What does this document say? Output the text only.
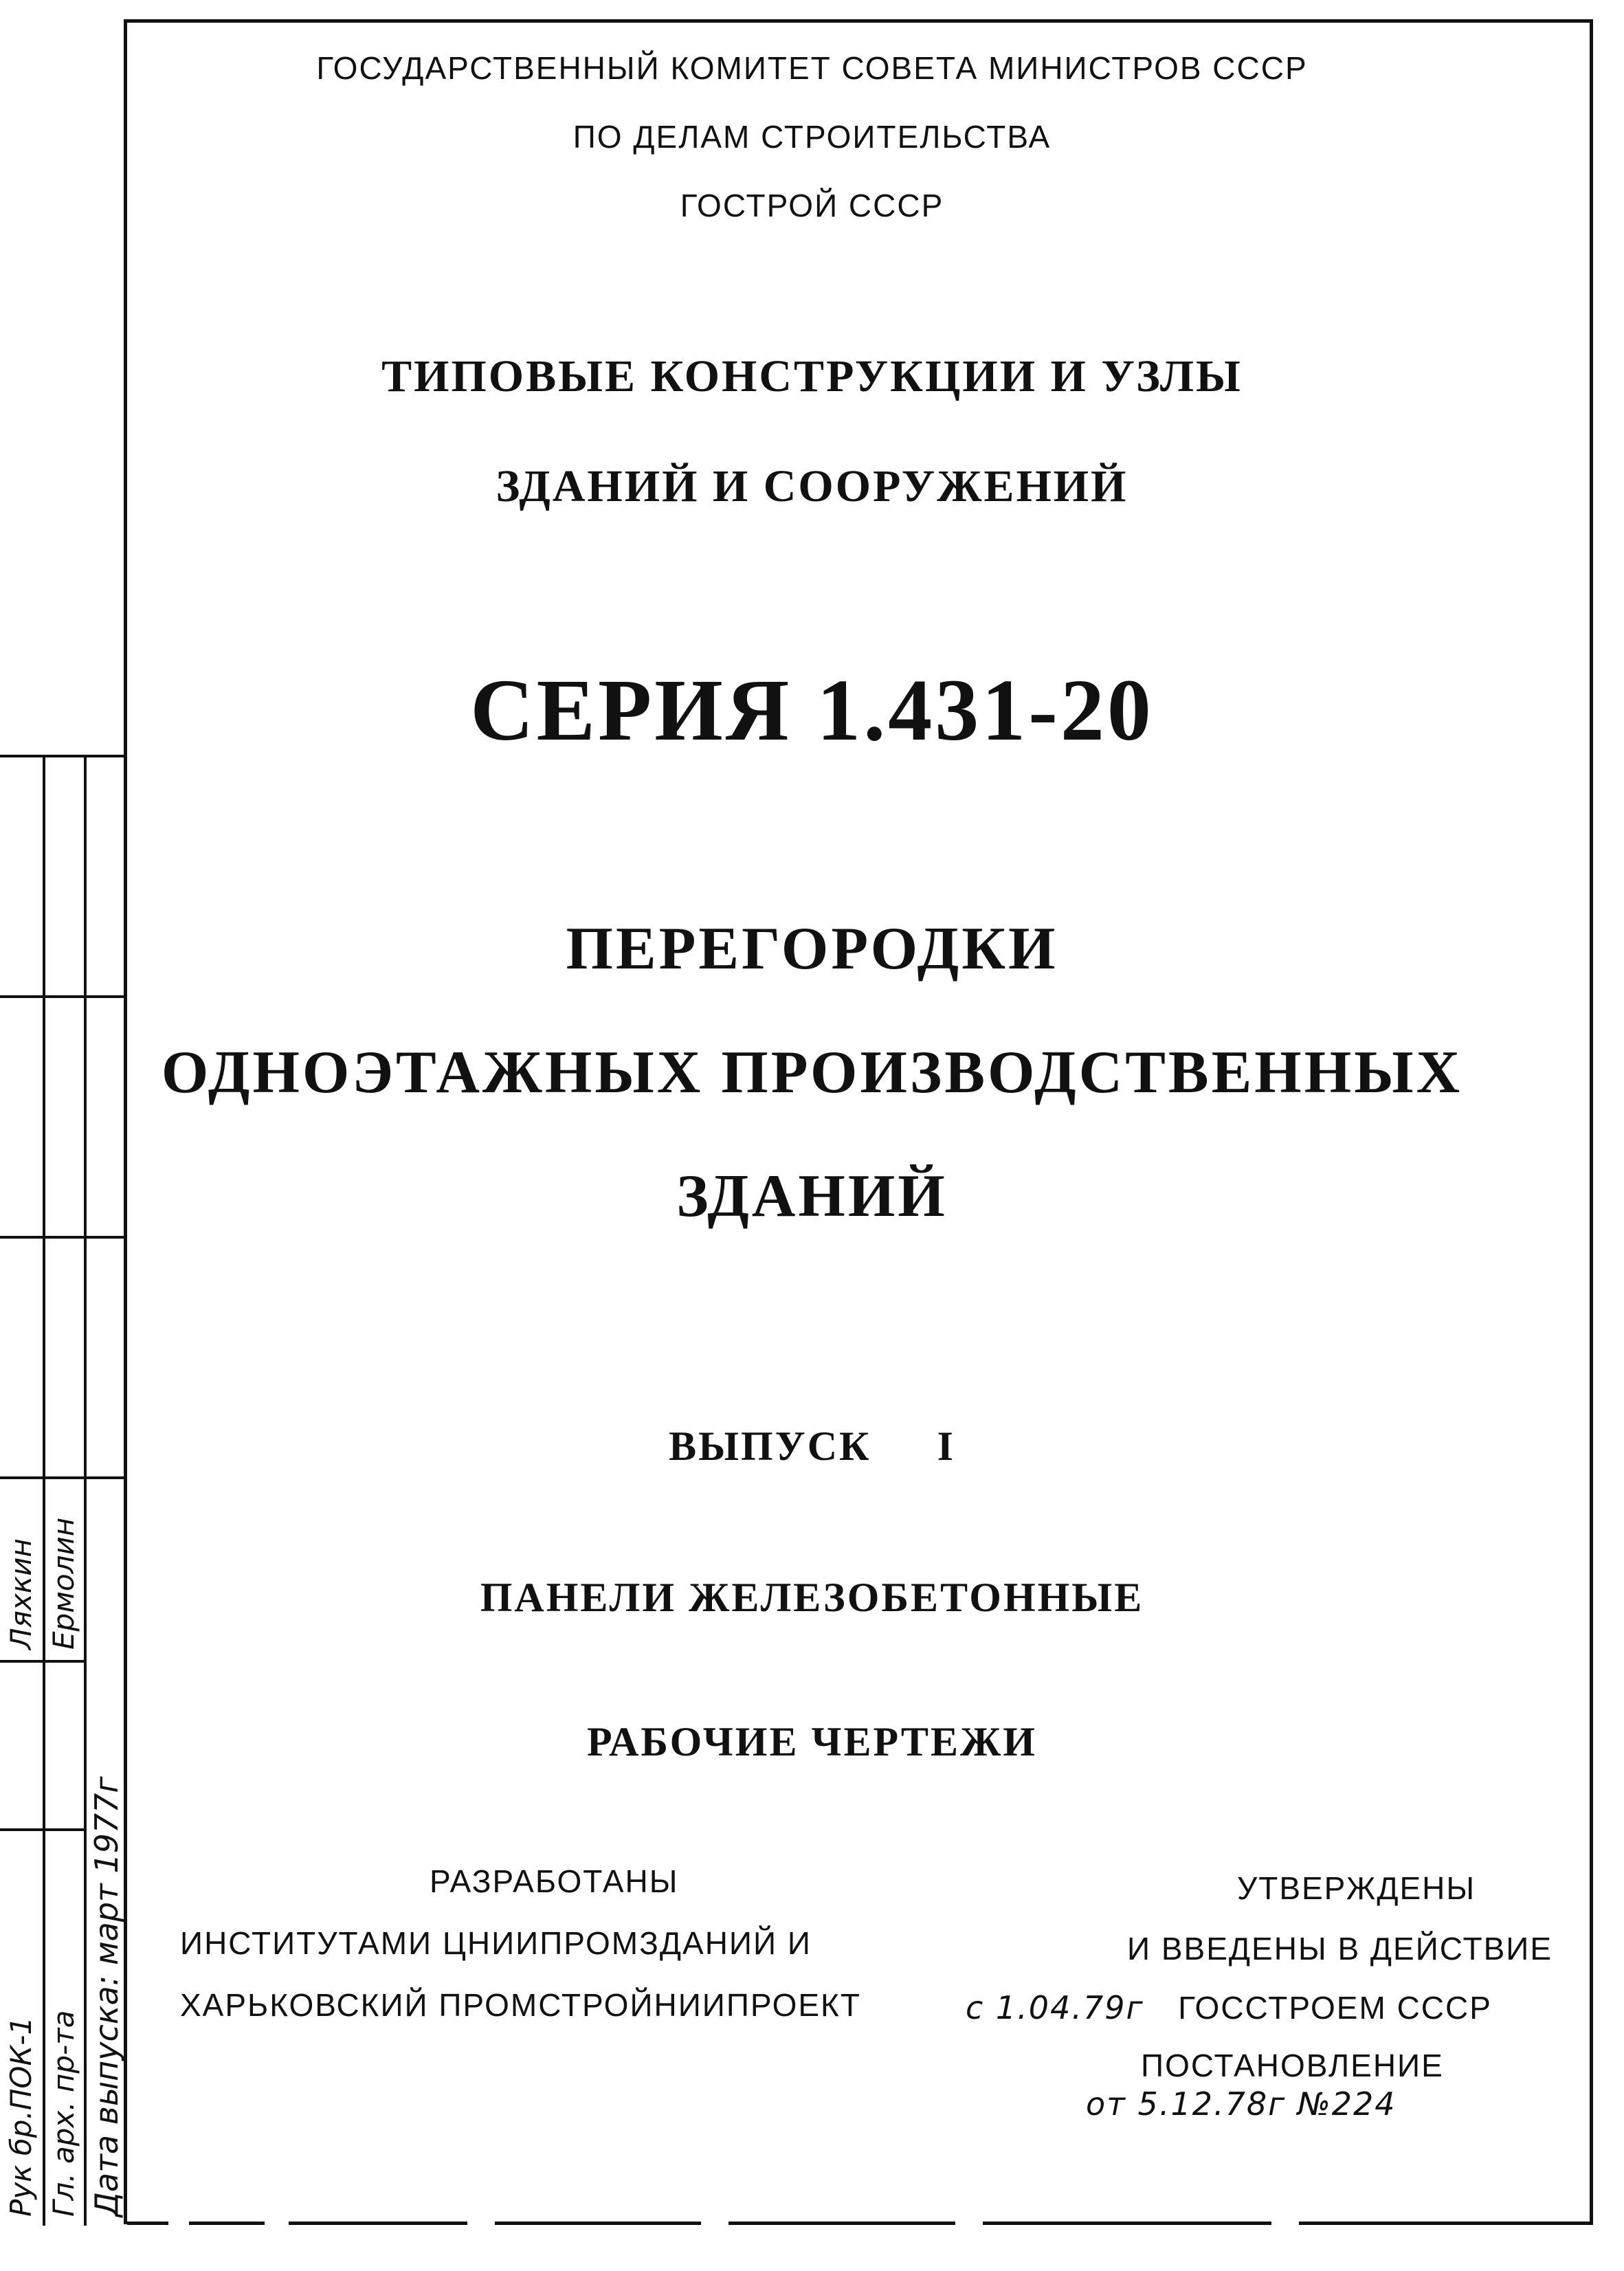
ГОСУДАРСТВЕННЫЙ КОМИТЕТ СОВЕТА МИНИСТРОВ СССР
ПО ДЕЛАМ СТРОИТЕЛЬСТВА
ГОСТРОЙ СССР
ТИПОВЫЕ КОНСТРУКЦИИ И УЗЛЫ
ЗДАНИЙ И СООРУЖЕНИЙ
СЕРИЯ 1.431-20
ПЕРЕГОРОДКИ
ОДНОЭТАЖНЫХ ПРОИЗВОДСТВЕННЫХ
ЗДАНИЙ
ВЫПУСК I
ПАНЕЛИ ЖЕЛЕЗОБЕТОННЫЕ
РАБОЧИЕ ЧЕРТЕЖИ
РАЗРАБОТАНЫ
ИНСТИТУТАМИ ЦНИИПРОМЗДАНИЙ И
ХАРЬКОВСКИЙ ПРОМСТРОЙНИИПРОЕКТ
УТВЕРЖДЕНЫ
И ВВЕДЕНЫ В ДЕЙСТВИЕ
с 1.04.79г ГОССТРОЕМ СССР
ПОСТАНОВЛЕНИЕ
от 5.12.78г №224
Рук бр.ПОК-1
Ляхкин
Гл. арх. пр-та
Ермолин
Дата выпуска: март 1977г
